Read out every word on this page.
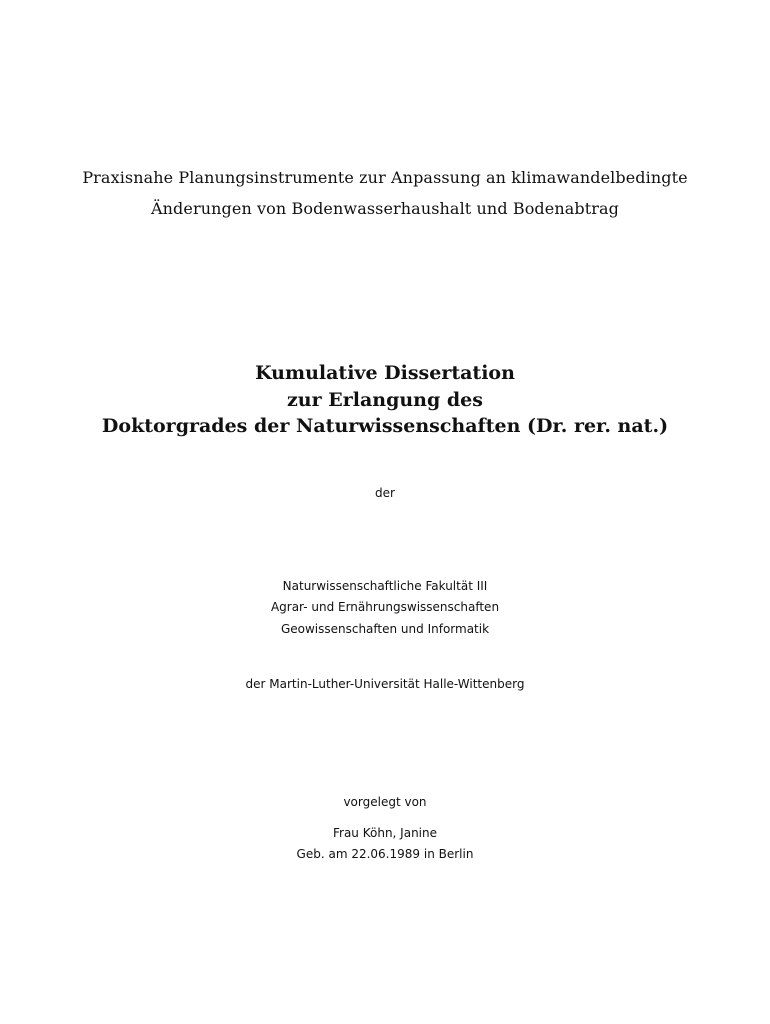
Praxisnahe Planungsinstrumente zur Anpassung an klimawandelbedingte
Änderungen von Bodenwasserhaushalt und Bodenabtrag
Kumulative Dissertation
zur Erlangung des
Doktorgrades der Naturwissenschaften (Dr. rer. nat.)
der
Naturwissenschaftliche Fakultät III
Agrar- und Ernährungswissenschaften
Geowissenschaften und Informatik
der Martin-Luther-Universität Halle-Wittenberg
vorgelegt von
Frau Köhn, Janine
Geb. am 22.06.1989 in Berlin
